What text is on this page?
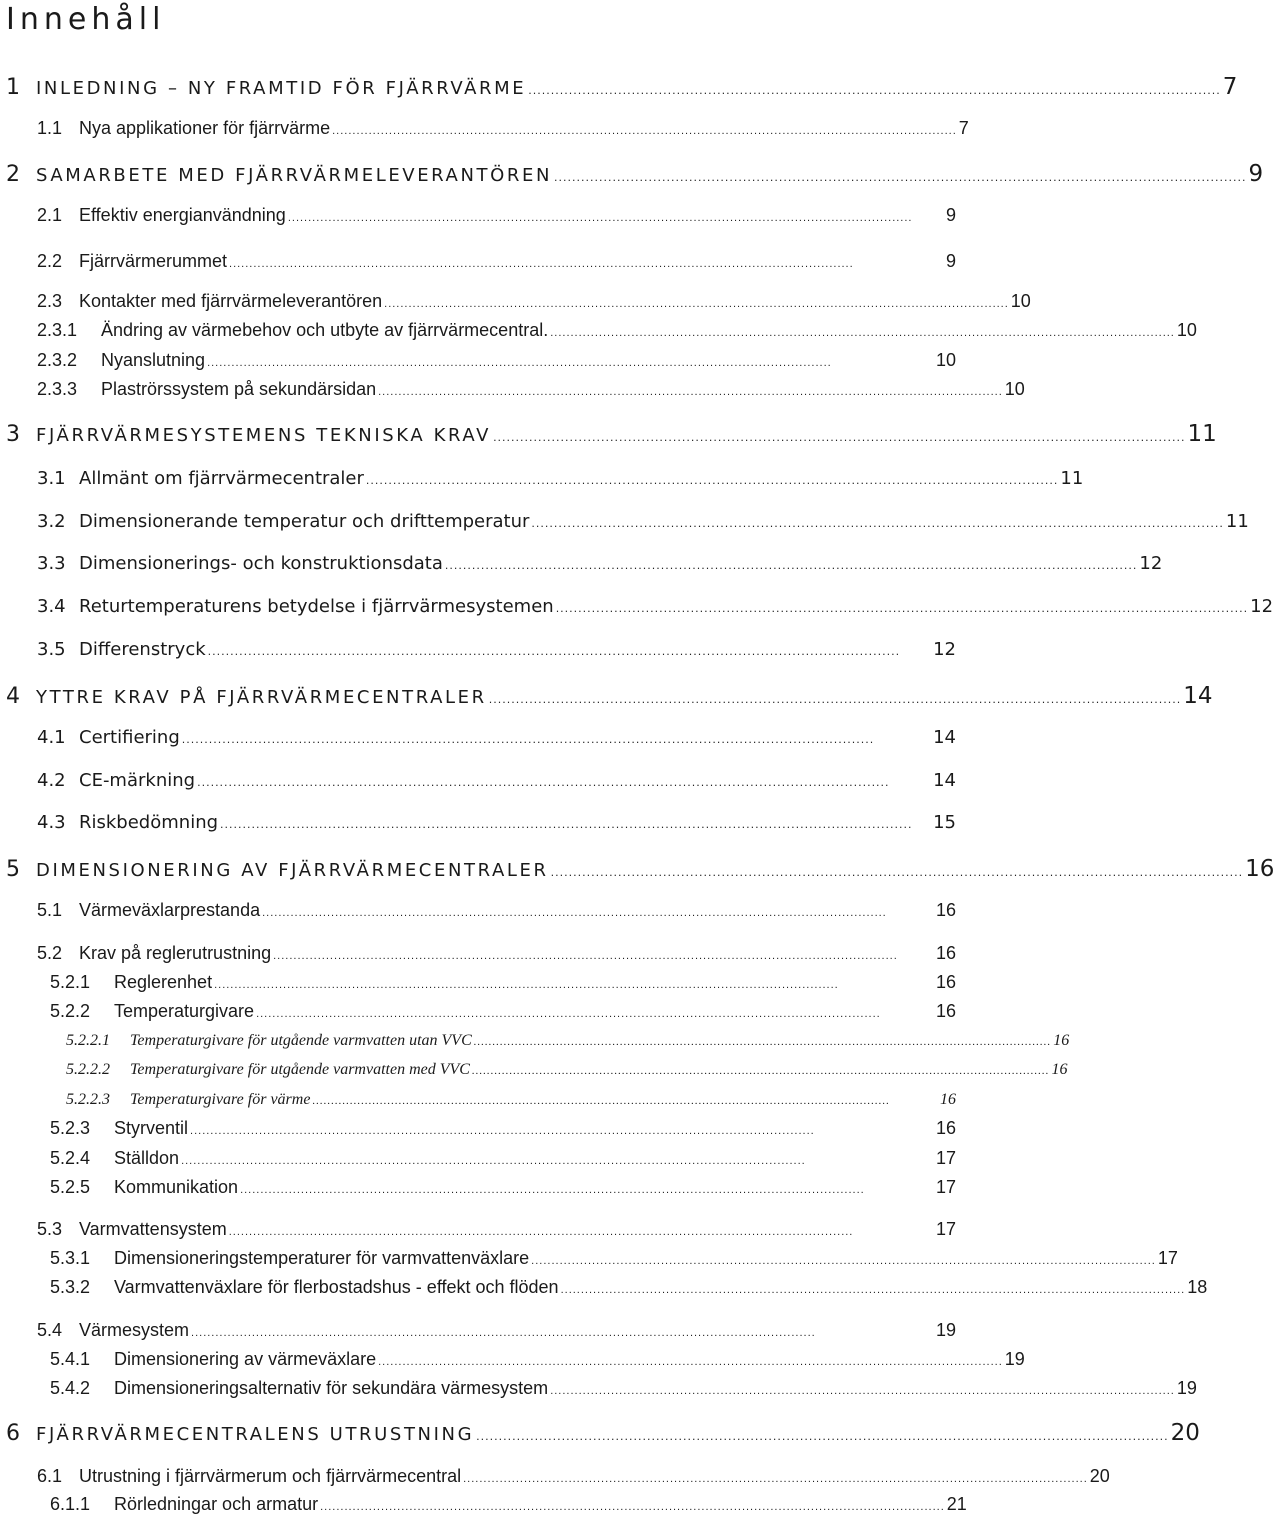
Innehåll
1 INLEDNING – NY FRAMTID FÖR FJÄRRVÄRME .......................................................................................................................................................... 7
1.1 Nya applikationer för fjärrvärme .......................................................................................................................................................... 7
2 SAMARBETE MED FJÄRRVÄRMELEVERANTÖREN .......................................................................................................................................................... 9
2.1 Effektiv energianvändning ..........................................................................................................................................................	9
2.2 Fjärrvärmerummet ..........................................................................................................................................................	9
2.3 Kontakter med fjärrvärmeleverantören .......................................................................................................................................................... 10
2.3.1	Ändring av värmebehov och utbyte av fjärrvärmecentral. .......................................................................................................................................................... 10
2.3.2	Nyanslutning ..........................................................................................................................................................	10
2.3.3	Plaströrssystem på sekundärsidan .......................................................................................................................................................... 10
3 FJÄRRVÄRMESYSTEMENS TEKNISKA KRAV .......................................................................................................................................................... 11
3.1 Allmänt om fjärrvärmecentraler .......................................................................................................................................................... 11
3.2 Dimensionerande temperatur och drifttemperatur .......................................................................................................................................................... 11
3.3 Dimensionerings- och konstruktionsdata .......................................................................................................................................................... 12
3.4 Returtemperaturens betydelse i fjärrvärmesystemen .......................................................................................................................................................... 12
3.5 Differenstryck ..........................................................................................................................................................	12
4 YTTRE KRAV PÅ FJÄRRVÄRMECENTRALER .......................................................................................................................................................... 14
4.1 Certifiering ..........................................................................................................................................................	14
4.2 CE-märkning ..........................................................................................................................................................	14
4.3 Riskbedömning ..........................................................................................................................................................	15
5 DIMENSIONERING AV FJÄRRVÄRMECENTRALER .......................................................................................................................................................... 16
5.1 Värmeväxlarprestanda ..........................................................................................................................................................	16
5.2 Krav på reglerutrustning ..........................................................................................................................................................	16
5.2.1	Reglerenhet ..........................................................................................................................................................	16
5.2.2	Temperaturgivare ..........................................................................................................................................................	16
5.2.2.1	Temperaturgivare för utgående varmvatten utan VVC .......................................................................................................................................................... 16
5.2.2.2	Temperaturgivare för utgående varmvatten med VVC .......................................................................................................................................................... 16
5.2.2.3	Temperaturgivare för värme ..........................................................................................................................................................	16
5.2.3	Styrventil ..........................................................................................................................................................	16
5.2.4	Ställdon ..........................................................................................................................................................	17
5.2.5	Kommunikation ..........................................................................................................................................................	17
5.3 Varmvattensystem ..........................................................................................................................................................	17
5.3.1	Dimensioneringstemperaturer för varmvattenväxlare .......................................................................................................................................................... 17
5.3.2	Varmvattenväxlare för flerbostadshus - effekt och flöden .......................................................................................................................................................... 18
5.4 Värmesystem ..........................................................................................................................................................	19
5.4.1	Dimensionering av värmeväxlare .......................................................................................................................................................... 19
5.4.2	Dimensioneringsalternativ för sekundära värmesystem .......................................................................................................................................................... 19
6 FJÄRRVÄRMECENTRALENS UTRUSTNING .......................................................................................................................................................... 20
6.1 Utrustning i fjärrvärmerum och fjärrvärmecentral .......................................................................................................................................................... 20
6.1.1	Rörledningar och armatur .......................................................................................................................................................... 21
